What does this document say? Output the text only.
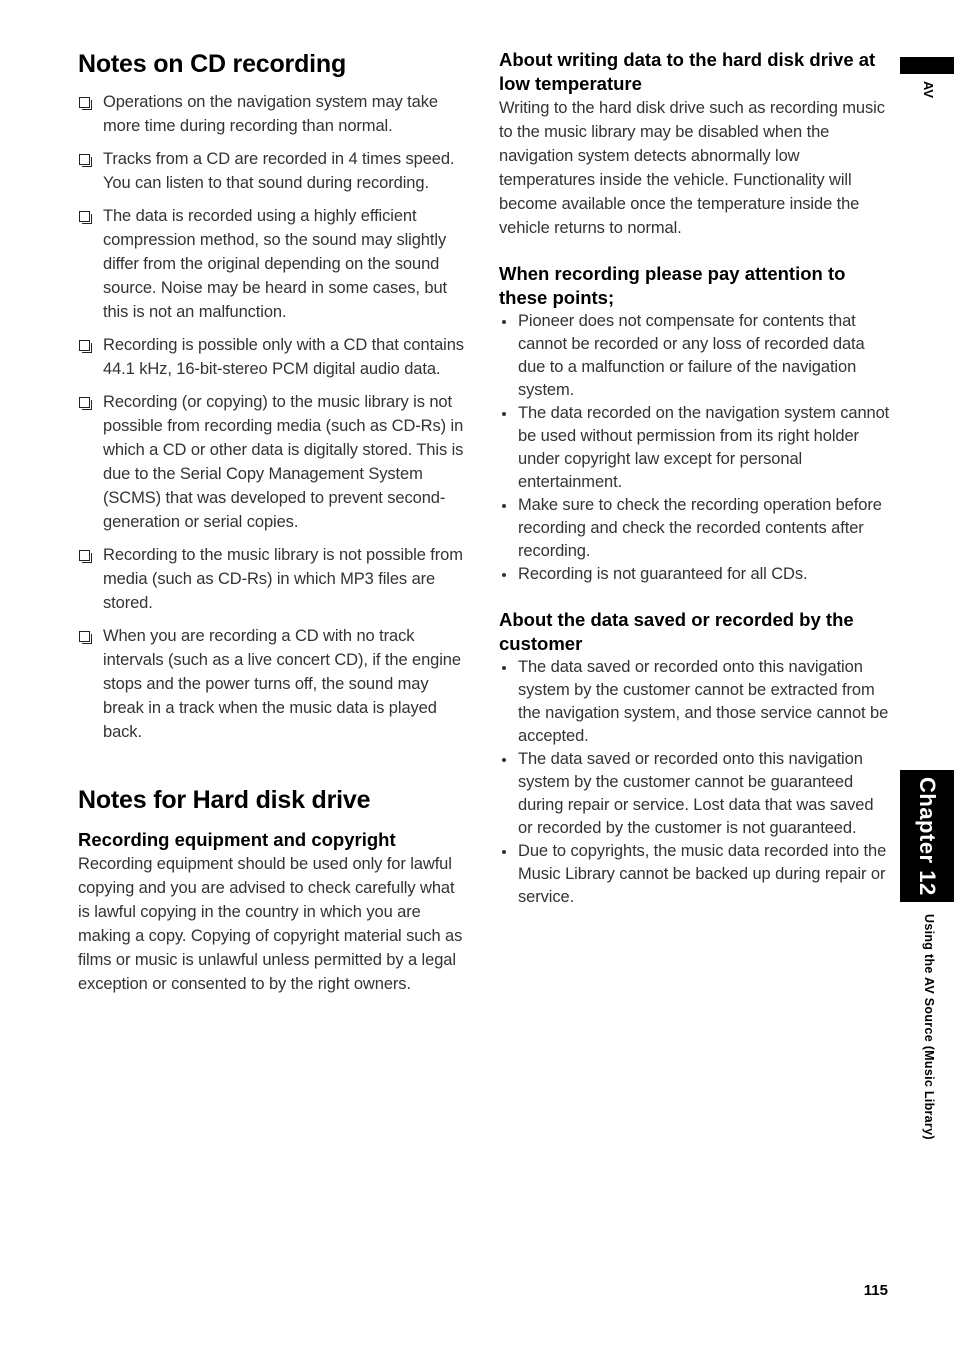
Notes on CD recording
Operations on the navigation system may take more time during recording than normal.
Tracks from a CD are recorded in 4 times speed. You can listen to that sound during recording.
The data is recorded using a highly efficient compression method, so the sound may slightly differ from the original depending on the sound source. Noise may be heard in some cases, but this is not an malfunction.
Recording is possible only with a CD that contains 44.1 kHz, 16-bit-stereo PCM digital audio data.
Recording (or copying) to the music library is not possible from recording media (such as CD-Rs) in which a CD or other data is digitally stored. This is due to the Serial Copy Management System (SCMS) that was developed to prevent second-generation or serial copies.
Recording to the music library is not possible from media (such as CD-Rs) in which MP3 files are stored.
When you are recording a CD with no track intervals (such as a live concert CD), if the engine stops and the power turns off, the sound may break in a track when the music data is played back.
Notes for Hard disk drive
Recording equipment and copyright

Recording equipment should be used only for lawful copying and you are advised to check carefully what is lawful copying in the country in which you are making a copy. Copying of copyright material such as films or music is unlawful unless permitted by a legal exception or consented to by the right owners.

About writing data to the hard disk drive at low temperature

Writing to the hard disk drive such as recording music to the music library may be disabled when the navigation system detects abnormally low temperatures inside the vehicle. Functionality will become available once the temperature inside the vehicle returns to normal.

When recording please pay attention to these points;
Pioneer does not compensate for contents that cannot be recorded or any loss of recorded data due to a malfunction or failure of the navigation system.
The data recorded on the navigation system cannot be used without permission from its right holder under copyright law except for personal entertainment.
Make sure to check the recording operation before recording and check the recorded contents after recording.
Recording is not guaranteed for all CDs.
About the data saved or recorded by the customer
The data saved or recorded onto this navigation system by the customer cannot be extracted from the navigation system, and those service cannot be accepted.
The data saved or recorded onto this navigation system by the customer cannot be guaranteed during repair or service. Lost data that was saved or recorded by the customer is not guaranteed.
Due to copyrights, the music data recorded into the Music Library cannot be backed up during repair or service.
AV
Chapter 12
Using the AV Source (Music Library)
115
